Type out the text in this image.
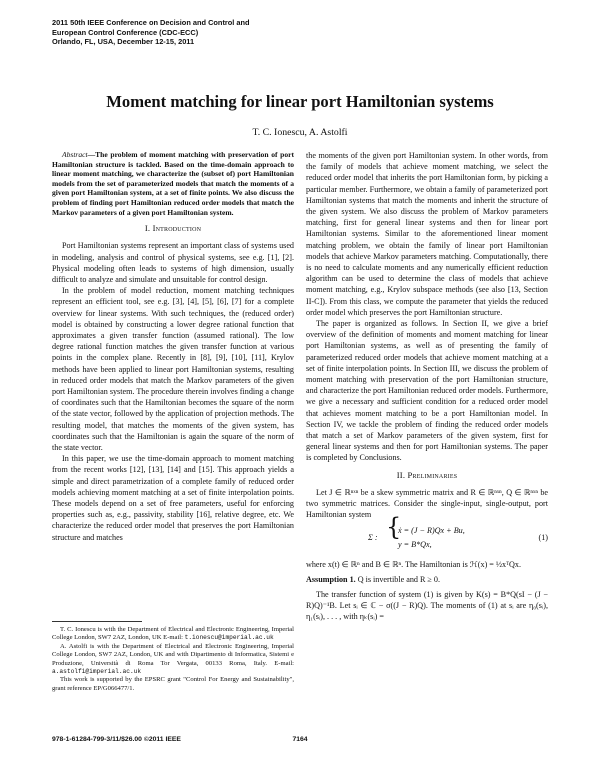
2011 50th IEEE Conference on Decision and Control and
European Control Conference (CDC-ECC)
Orlando, FL, USA, December 12-15, 2011
Moment matching for linear port Hamiltonian systems
T. C. Ionescu, A. Astolfi

Abstract—The problem of moment matching with preservation of port Hamiltonian structure is tackled. Based on the time-domain approach to linear moment matching, we characterize the (subset of) port Hamiltonian models from the set of parameterized models that match the moments of a given port Hamiltonian system, at a set of finite points. We also discuss the problem of finding port Hamiltonian reduced order models that match the Markov parameters of a given port Hamiltonian system.

I. Introduction

Port Hamiltonian systems represent an important class of systems used in modeling, analysis and control of physical systems, see e.g. [1], [2]. Physical modeling often leads to systems of high dimension, usually difficult to analyze and simulate and unsuitable for control design.

In the problem of model reduction, moment matching techniques represent an efficient tool, see e.g. [3], [4], [5], [6], [7] for a complete overview for linear systems. With such techniques, the (reduced order) model is obtained by constructing a lower degree rational function that approximates a given transfer function (assumed rational). The low degree rational function matches the given transfer function at various points in the complex plane. Recently in [8], [9], [10], [11], Krylov methods have been applied to linear port Hamiltonian systems, resulting in reduced order models that match the Markov parameters of the given port Hamiltonian system. The procedure therein involves finding a change of coordinates such that the Hamiltonian becomes the square of the norm of the state vector, followed by the application of projection methods. The resulting model, that matches the moments of the given system, has coordinates such that the Hamiltonian is again the square of the norm of the state vector.

In this paper, we use the time-domain approach to moment matching from the recent works [12], [13], [14] and [15]. This approach yields a simple and direct parametrization of a complete family of reduced order models achieving moment matching at a set of finite interpolation points. These models depend on a set of free parameters, useful for enforcing properties such as, e.g., passivity, stability [16], relative degree, etc. We characterize the reduced order model that preserves the port Hamiltonian structure and matches

T. C. Ionescu is with the Department of Electrical and Electronic Engineering, Imperial College London, SW7 2AZ, London, UK E-mail: t.ionescu@imperial.ac.uk

A. Astolfi is with the Department of Electrical and Electronic Engineering, Imperial College London, SW7 2AZ, London, UK and with Dipartimento di Informatica, Sistemi e Produzione, Università di Roma Tor Vergata, 00133 Roma, Italy. E-mail: a.astolfi@imperial.ac.uk

This work is supported by the EPSRC grant "Control For Energy and Sustainability", grant reference EP/G066477/1.

the moments of the given port Hamiltonian system. In other words, from the family of models that achieve moment matching, we select the reduced order model that inherits the port Hamiltonian form, by picking a particular member. Furthermore, we obtain a family of parameterized port Hamiltonian systems that match the moments and inherit the structure of the given system. We also discuss the problem of Markov parameters matching, first for general linear systems and then for linear port Hamiltonian systems. Similar to the aforementioned linear moment matching problem, we obtain the family of linear port Hamiltonian models that achieve Markov parameters matching. Computationally, there is no need to calculate moments and any numerically efficient reduction algorithm can be used to determine the class of models that achieve moment matching, e.g., Krylov subspace methods (see also [13, Section II-C]). From this class, we compute the parameter that yields the reduced order model which preserves the port Hamiltonian structure.

The paper is organized as follows. In Section II, we give a brief overview of the definition of moments and moment matching for linear port Hamiltonian systems, as well as of presenting the family of parameterized reduced order models that achieve moment matching at a set of finite interpolation points. In Section III, we discuss the problem of moment matching with preservation of the port Hamiltonian structure, and characterize the port Hamiltonian reduced order models. Furthermore, we give a necessary and sufficient condition for a reduced order model that achieves moment matching to be a port Hamiltonian model. In Section IV, we tackle the problem of finding the reduced order models that match a set of Markov parameters of the given system, first for general linear systems and then for port Hamiltonian systems. The paper is completed by Conclusions.

II. Preliminaries

Let J ∈ ℝⁿˣⁿ be a skew symmetric matrix and R ∈ ℝⁿˣⁿ, Q ∈ ℝⁿˣⁿ be two symmetric matrices. Consider the single-input, single-output, port Hamiltonian system

Σ : {
ẋ = (J − R)Qx + Bu,
y = B*Qx,
(1)

where x(t) ∈ ℝⁿ and B ∈ ℝⁿ. The Hamiltonian is ℋ(x) = ½xᵀQx.

Assumption 1. Q is invertible and R ≥ 0.

The transfer function of system (1) is given by K(s) = B*Q(sI − (J − R)Q)⁻¹B. Let sᵢ ∈ ℂ − σ((J − R)Q). The moments of (1) at sᵢ are η₀(sᵢ), η₁(sᵢ), . . . , with ηₖ(sᵢ) =

978-1-61284-799-3/11/$26.00 ©2011 IEEE	7164
